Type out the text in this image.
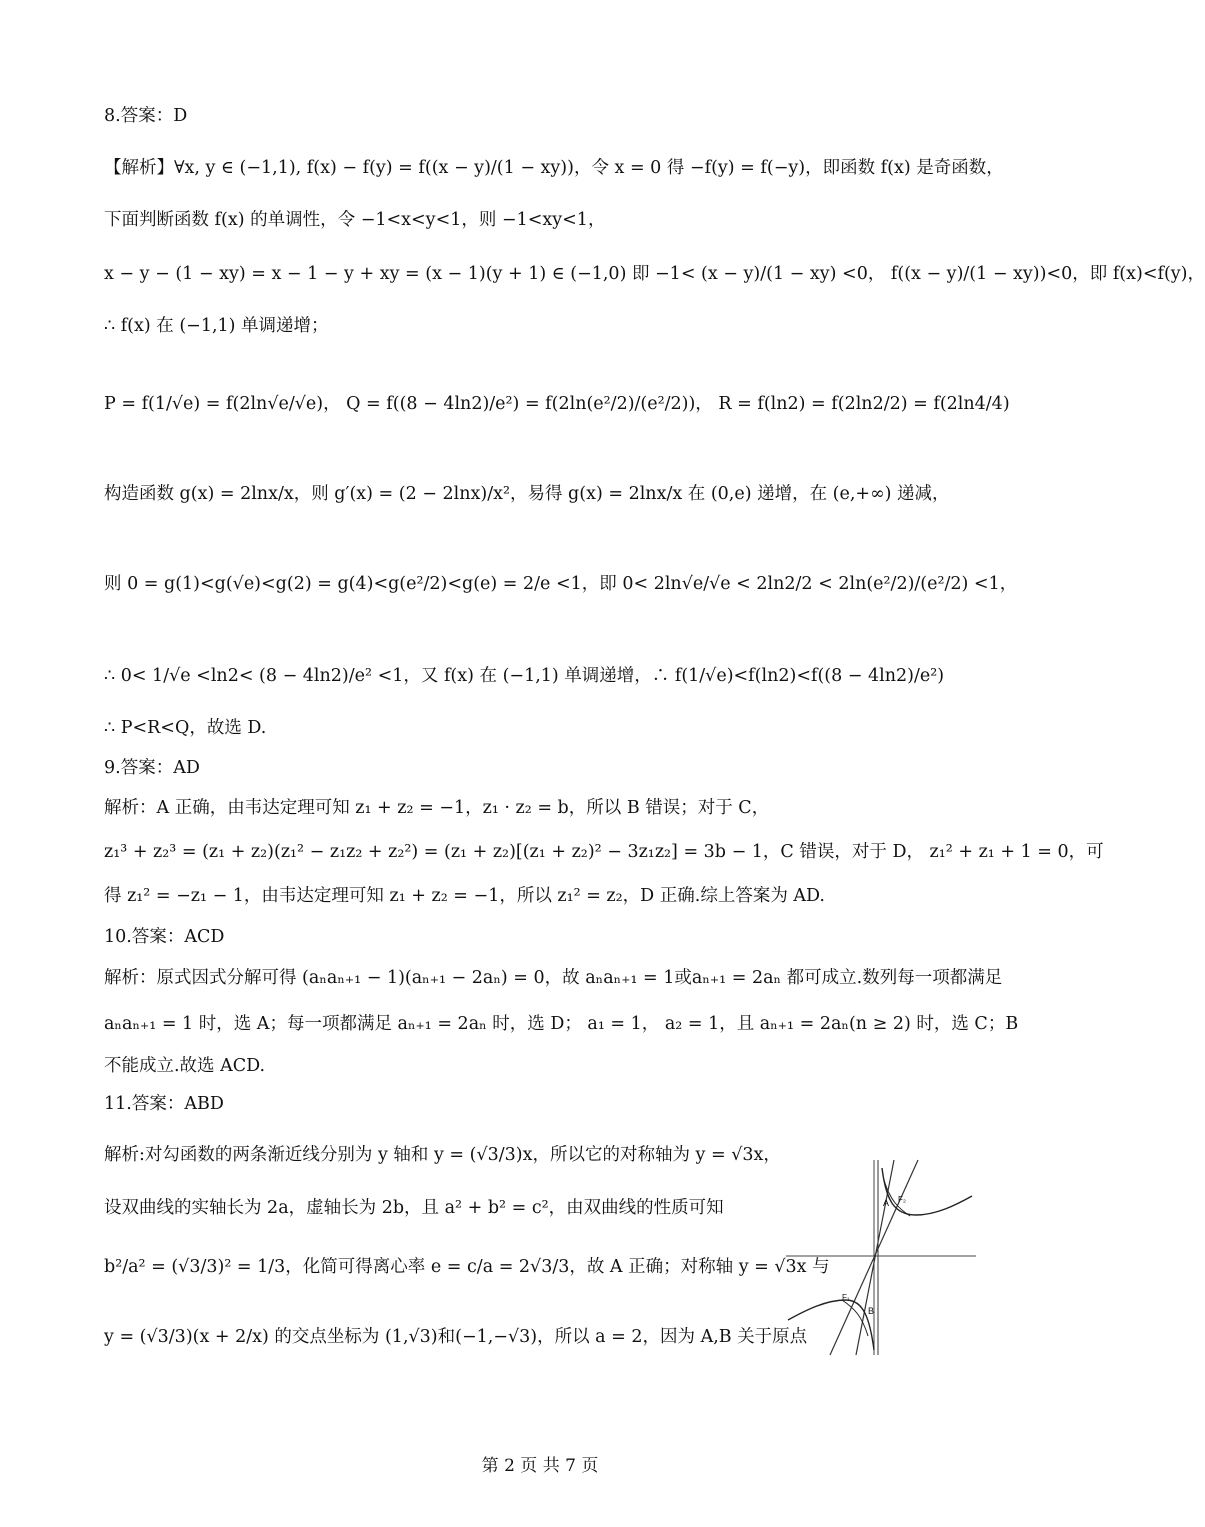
8.答案：D
【解析】∀x, y ∈ (−1,1), f(x) − f(y) = f((x − y)/(1 − xy))，令 x = 0 得 −f(y) = f(−y)，即函数 f(x) 是奇函数，
下面判断函数 f(x) 的单调性，令 −1<x<y<1，则 −1<xy<1，
x − y − (1 − xy) = x − 1 − y + xy = (x − 1)(y + 1) ∈ (−1,0) 即 −1< (x − y)/(1 − xy) <0， f((x − y)/(1 − xy))<0，即 f(x)<f(y)，
∴ f(x) 在 (−1,1) 单调递增；
P = f(1/√e) = f(2ln√e/√e)， Q = f((8 − 4ln2)/e²) = f(2ln(e²/2)/(e²/2))， R = f(ln2) = f(2ln2/2) = f(2ln4/4)
构造函数 g(x) = 2lnx/x，则 g′(x) = (2 − 2lnx)/x²，易得 g(x) = 2lnx/x 在 (0,e) 递增，在 (e,+∞) 递减，
则 0 = g(1)<g(√e)<g(2) = g(4)<g(e²/2)<g(e) = 2/e <1，即 0< 2ln√e/√e < 2ln2/2 < 2ln(e²/2)/(e²/2) <1，
∴ 0< 1/√e <ln2< (8 − 4ln2)/e² <1，又 f(x) 在 (−1,1) 单调递增，∴ f(1/√e)<f(ln2)<f((8 − 4ln2)/e²)
∴ P<R<Q，故选 D.
9.答案：AD
解析：A 正确，由韦达定理可知 z₁ + z₂ = −1，z₁ · z₂ = b，所以 B 错误；对于 C，
z₁³ + z₂³ = (z₁ + z₂)(z₁² − z₁z₂ + z₂²) = (z₁ + z₂)[(z₁ + z₂)² − 3z₁z₂] = 3b − 1，C 错误，对于 D， z₁² + z₁ + 1 = 0，可
得 z₁² = −z₁ − 1，由韦达定理可知 z₁ + z₂ = −1，所以 z₁² = z₂，D 正确.综上答案为 AD.
10.答案：ACD
解析：原式因式分解可得 (aₙaₙ₊₁ − 1)(aₙ₊₁ − 2aₙ) = 0，故 aₙaₙ₊₁ = 1或aₙ₊₁ = 2aₙ 都可成立.数列每一项都满足
aₙaₙ₊₁ = 1 时，选 A；每一项都满足 aₙ₊₁ = 2aₙ 时，选 D； a₁ = 1， a₂ = 1，且 aₙ₊₁ = 2aₙ(n ≥ 2) 时，选 C；B
不能成立.故选 ACD.
11.答案：ABD
解析:对勾函数的两条渐近线分别为 y 轴和 y = (√3/3)x，所以它的对称轴为 y = √3x，
设双曲线的实轴长为 2a，虚轴长为 2b，且 a² + b² = c²，由双曲线的性质可知
b²/a² = (√3/3)² = 1/3，化简可得离心率 e = c/a = 2√3/3，故 A 正确；对称轴 y = √3x 与
y = (√3/3)(x + 2/x) 的交点坐标为 (1,√3)和(−1,−√3)，所以 a = 2，因为 A,B 关于原点
A F₂
B
F₁
第 2 页 共 7 页
